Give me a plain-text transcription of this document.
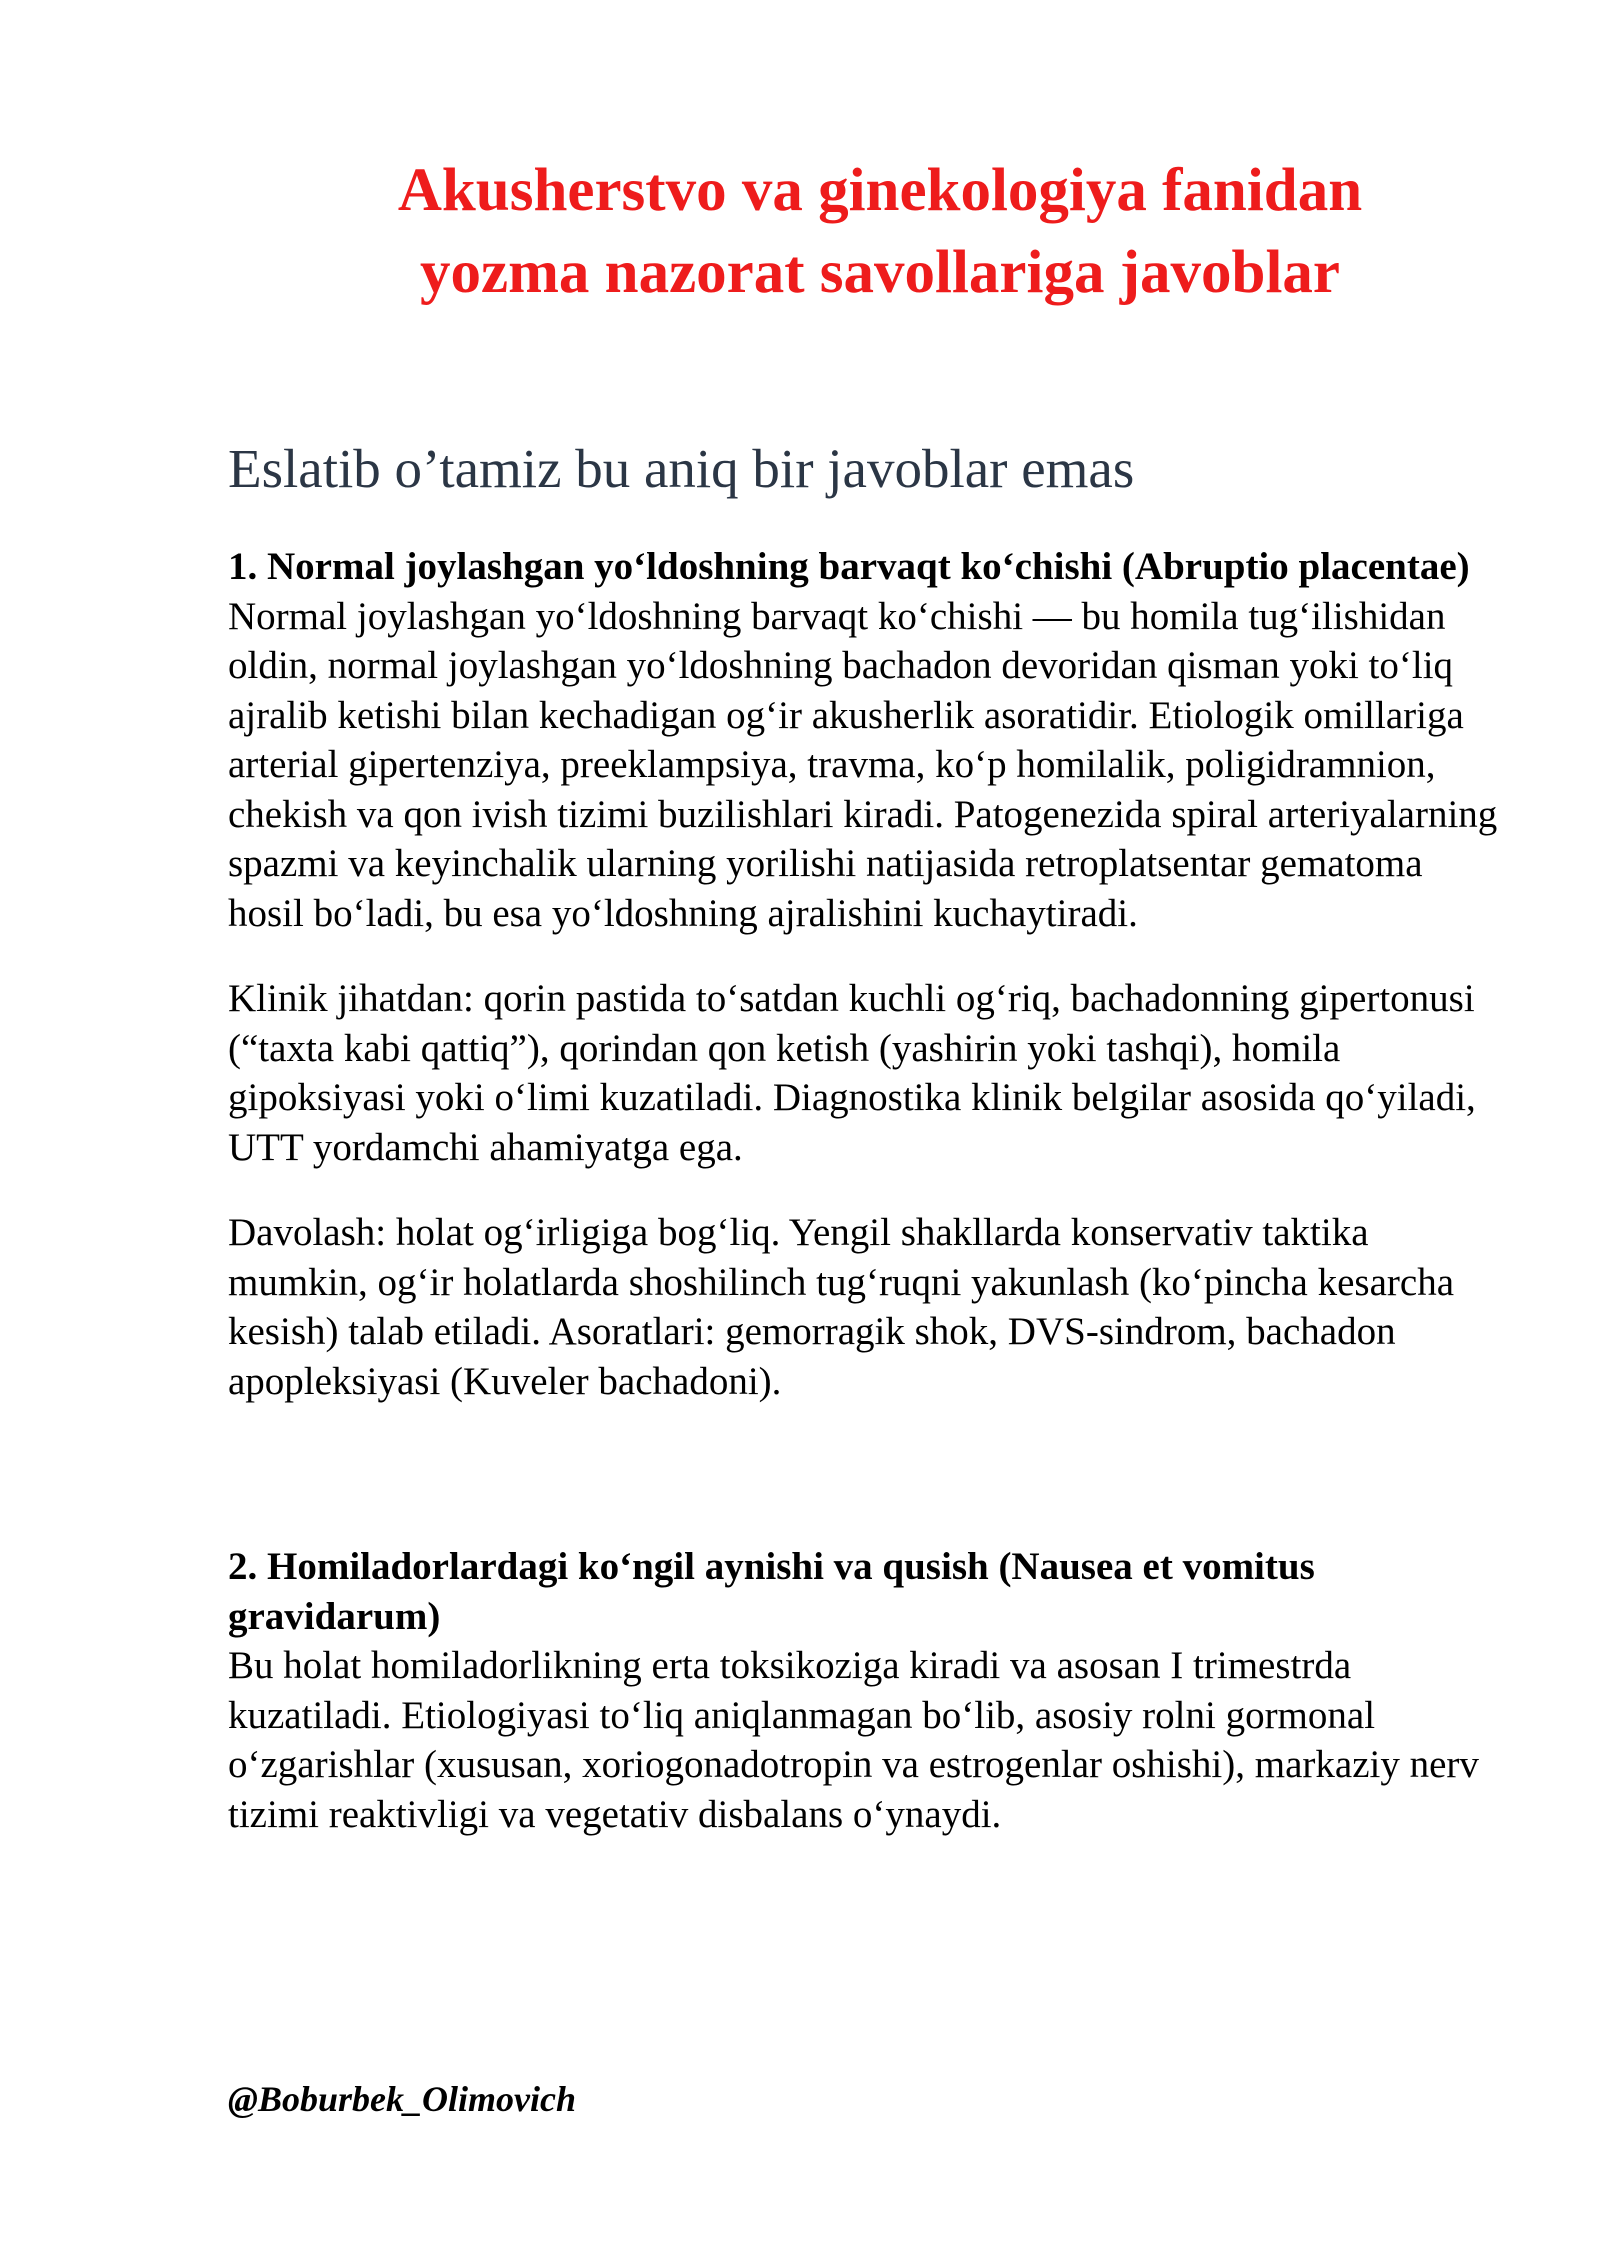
Akusherstvo va ginekologiya fanidan
yozma nazorat savollariga javoblar
Eslatib o’tamiz bu aniq bir javoblar emas

1. Normal joylashgan yo‘ldoshning barvaqt ko‘chishi (Abruptio placentae)

Normal joylashgan yo‘ldoshning barvaqt ko‘chishi — bu homila tug‘ilishidan oldin, normal joylashgan yo‘ldoshning bachadon devoridan qisman yoki to‘liq ajralib ketishi bilan kechadigan og‘ir akusherlik asoratidir. Etiologik omillariga arterial gipertenziya, preeklampsiya, travma, ko‘p homilalik, poligidramnion, chekish va qon ivish tizimi buzilishlari kiradi. Patogenezida spiral arteriyalarning spazmi va keyinchalik ularning yorilishi natijasida retroplatsentar gematoma hosil bo‘ladi, bu esa yo‘ldoshning ajralishini kuchaytiradi.

Klinik jihatdan: qorin pastida to‘satdan kuchli og‘riq, bachadonning gipertonusi (“taxta kabi qattiq”), qorindan qon ketish (yashirin yoki tashqi), homila gipoksiyasi yoki o‘limi kuzatiladi. Diagnostika klinik belgilar asosida qo‘yiladi, UTT yordamchi ahamiyatga ega.

Davolash: holat og‘irligiga bog‘liq. Yengil shakllarda konservativ taktika mumkin, og‘ir holatlarda shoshilinch tug‘ruqni yakunlash (ko‘pincha kesarcha kesish) talab etiladi. Asoratlari: gemorragik shok, DVS-sindrom, bachadon apopleksiyasi (Kuveler bachadoni).

2. Homiladorlardagi ko‘ngil aynishi va qusish (Nausea et vomitus gravidarum)

Bu holat homiladorlikning erta toksikoziga kiradi va asosan I trimestrda kuzatiladi. Etiologiyasi to‘liq aniqlanmagan bo‘lib, asosiy rolni gormonal o‘zgarishlar (xususan, xoriogonadotropin va estrogenlar oshishi), markaziy nerv tizimi reaktivligi va vegetativ disbalans o‘ynaydi.

@Boburbek_Olimovich
